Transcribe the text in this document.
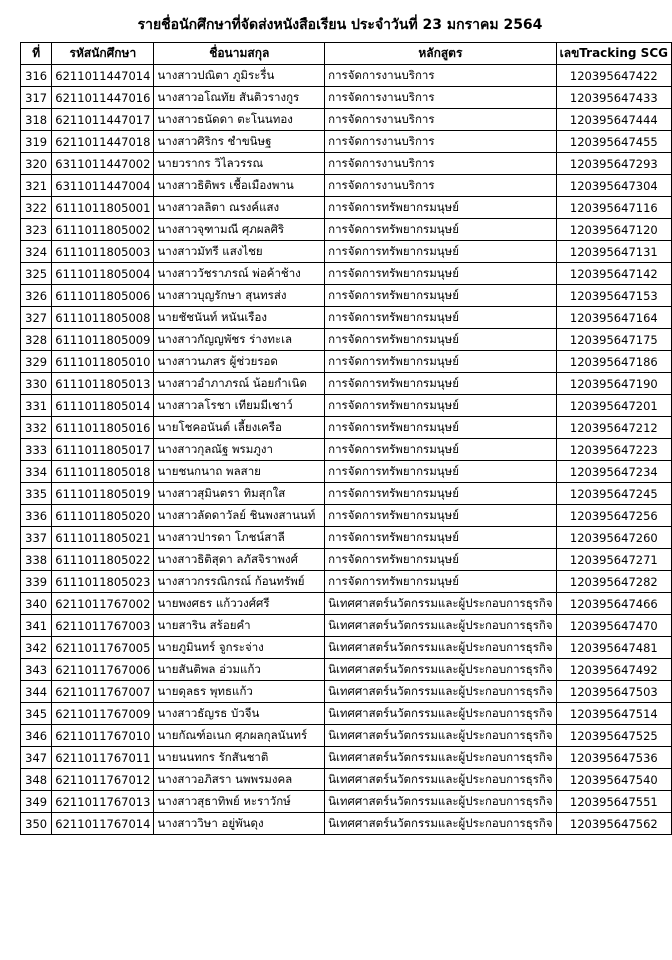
รายชื่อนักศึกษาที่จัดส่งหนังสือเรียน ประจำวันที่ 23 มกราคม 2564
ที่	รหัสนักศึกษา	ชื่อนามสกุล	หลักสูตร	เลขTracking SCG
316	6211011447014	นางสาวปณิตา ภูมิระรื่น	การจัดการงานบริการ	120395647422
317	6211011447016	นางสาวอโณทัย สันติวรางกูร	การจัดการงานบริการ	120395647433
318	6211011447017	นางสาวธนัดดา ตะโนนทอง	การจัดการงานบริการ	120395647444
319	6211011447018	นางสาวศิริกร ชำขนิษฐ	การจัดการงานบริการ	120395647455
320	6311011447002	นายวรากร วิไลวรรณ	การจัดการงานบริการ	120395647293
321	6311011447004	นางสาวธิติพร เชื้อเมืองพาน	การจัดการงานบริการ	120395647304
322	6111011805001	นางสาวลลิตา ณรงค์แสง	การจัดการทรัพยากรมนุษย์	120395647116
323	6111011805002	นางสาวจุฑามณี ศุภผลศิริ	การจัดการทรัพยากรมนุษย์	120395647120
324	6111011805003	นางสาวมัทรี แสงไชย	การจัดการทรัพยากรมนุษย์	120395647131
325	6111011805004	นางสาววัชราภรณ์ พ่อค้าช้าง	การจัดการทรัพยากรมนุษย์	120395647142
326	6111011805006	นางสาวบุญรักษา สุนทรส่ง	การจัดการทรัพยากรมนุษย์	120395647153
327	6111011805008	นายชัชนันท์ หนันเรือง	การจัดการทรัพยากรมนุษย์	120395647164
328	6111011805009	นางสาวกัญญพัชร ร่างทะเล	การจัดการทรัพยากรมนุษย์	120395647175
329	6111011805010	นางสาวนภสร ผู้ช่วยรอด	การจัดการทรัพยากรมนุษย์	120395647186
330	6111011805013	นางสาวอำภาภรณ์ น้อยกำเนิด	การจัดการทรัพยากรมนุษย์	120395647190
331	6111011805014	นางสาวลโรชา เทียมมีเชาว์	การจัดการทรัพยากรมนุษย์	120395647201
332	6111011805016	นายโชคอนันต์ เลี้ยงเครือ	การจัดการทรัพยากรมนุษย์	120395647212
333	6111011805017	นางสาวกุลณัฐ พรมภูงา	การจัดการทรัพยากรมนุษย์	120395647223
334	6111011805018	นายชนกนาถ พลสาย	การจัดการทรัพยากรมนุษย์	120395647234
335	6111011805019	นางสาวสุมินตรา ทิมสุกใส	การจัดการทรัพยากรมนุษย์	120395647245
336	6111011805020	นางสาวลัดดาวัลย์ ชินพงสานนท์	การจัดการทรัพยากรมนุษย์	120395647256
337	6111011805021	นางสาวปารดา โภชน์สาลี	การจัดการทรัพยากรมนุษย์	120395647260
338	6111011805022	นางสาวธิติสุดา ลภัสจิราพงศ์	การจัดการทรัพยากรมนุษย์	120395647271
339	6111011805023	นางสาวกรรณิกรณ์ ก้อนทรัพย์	การจัดการทรัพยากรมนุษย์	120395647282
340	6211011767002	นายพงศธร แก้ววงศ์ศรี	นิเทศศาสตร์นวัตกรรมและผู้ประกอบการธุรกิจ	120395647466
341	6211011767003	นายสาริน สร้อยคำ	นิเทศศาสตร์นวัตกรรมและผู้ประกอบการธุรกิจ	120395647470
342	6211011767005	นายภูมินทร์ จูกระจ่าง	นิเทศศาสตร์นวัตกรรมและผู้ประกอบการธุรกิจ	120395647481
343	6211011767006	นายสันติพล อ่วมแก้ว	นิเทศศาสตร์นวัตกรรมและผู้ประกอบการธุรกิจ	120395647492
344	6211011767007	นายดุลธร พุทธแก้ว	นิเทศศาสตร์นวัตกรรมและผู้ประกอบการธุรกิจ	120395647503
345	6211011767009	นางสาวธัญรธ บัวจีน	นิเทศศาสตร์นวัตกรรมและผู้ประกอบการธุรกิจ	120395647514
346	6211011767010	นายกัณฑ์อเนก ศุภผลกุลนันทร์	นิเทศศาสตร์นวัตกรรมและผู้ประกอบการธุรกิจ	120395647525
347	6211011767011	นายนนทกร รักสันชาติ	นิเทศศาสตร์นวัตกรรมและผู้ประกอบการธุรกิจ	120395647536
348	6211011767012	นางสาวอภิสรา นพพรมงคล	นิเทศศาสตร์นวัตกรรมและผู้ประกอบการธุรกิจ	120395647540
349	6211011767013	นางสาวสุธาทิพย์ หะราวักษ์	นิเทศศาสตร์นวัตกรรมและผู้ประกอบการธุรกิจ	120395647551
350	6211011767014	นางสาววิษา อยู่พันดุง	นิเทศศาสตร์นวัตกรรมและผู้ประกอบการธุรกิจ	120395647562
